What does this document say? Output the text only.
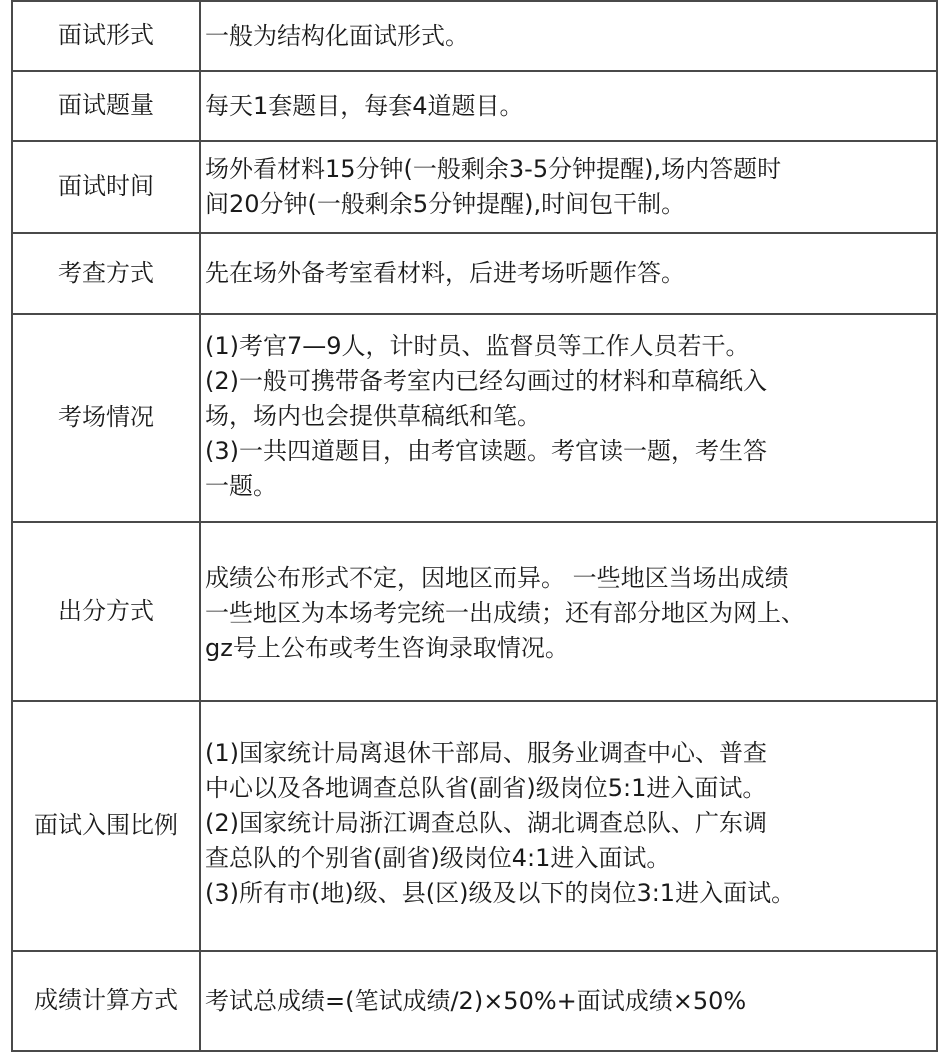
面试形式	一般为结构化面试形式。

面试题量	每天1套题目，每套4道题目。

面试时间	场外看材料15分钟(一般剩余3-5分钟提醒),场内答题时
间20分钟(一般剩余5分钟提醒),时间包干制。

考查方式	先在场外备考室看材料，后进考场听题作答。

考场情况	(1)考官7—9人，计时员、监督员等工作人员若干。
(2)一般可携带备考室内已经勾画过的材料和草稿纸入
场，场内也会提供草稿纸和笔。
(3)一共四道题目，由考官读题。考官读一题，考生答
一题。

出分方式	成绩公布形式不定，因地区而异。 一些地区当场出成绩
一些地区为本场考完统一出成绩；还有部分地区为网上、
gz号上公布或考生咨询录取情况。

面试入围比例	(1)国家统计局离退休干部局、服务业调查中心、普查
中心以及各地调查总队省(副省)级岗位5:1进入面试。
(2)国家统计局浙江调查总队、湖北调查总队、广东调
查总队的个别省(副省)级岗位4:1进入面试。
(3)所有市(地)级、县(区)级及以下的岗位3:1进入面试。

成绩计算方式	考试总成绩=(笔试成绩/2)×50%+面试成绩×50%
